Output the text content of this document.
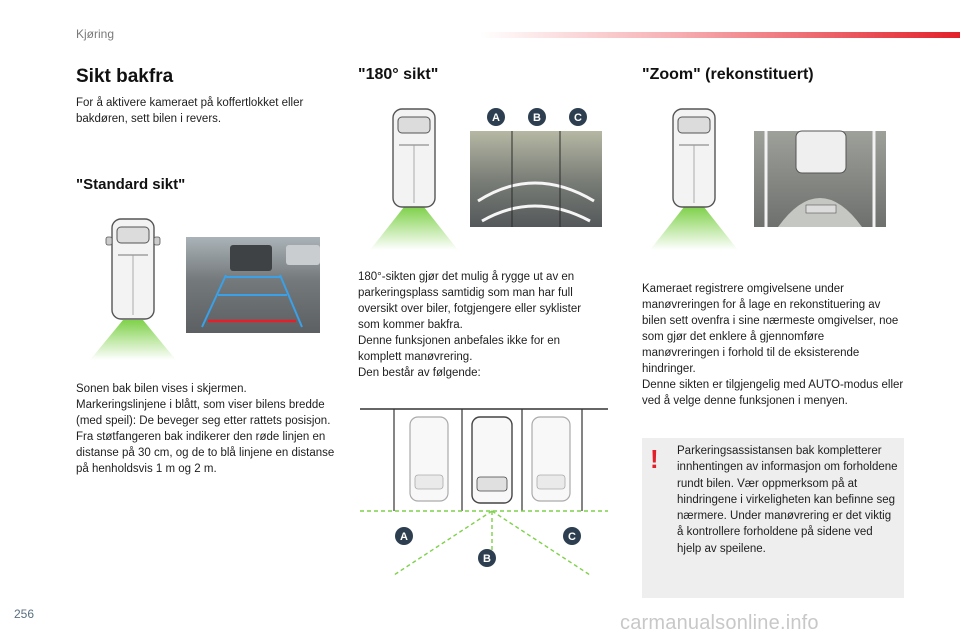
Kjøring
Sikt bakfra

For å aktivere kameraet på koffertlokket eller bakdøren, sett bilen i revers.

"Standard sikt"

Sonen bak bilen vises i skjermen.

Markeringslinjene i blått, som viser bilens bredde (med speil): De beveger seg etter rattets posisjon.

Fra støtfangeren bak indikerer den røde linjen en distanse på 30 cm, og de to blå linjene en distanse på henholdsvis 1 m og 2 m.

"180° sikt"
A	B	C

180°-sikten gjør det mulig å rygge ut av en parkeringsplass samtidig som man har full oversikt over biler, fotgjengere eller syklister som kommer bakfra.

Denne funksjonen anbefales ikke for en komplett manøvrering.

Den består av følgende:

A
B
C
"Zoom" (rekonstituert)

Kameraet registrere omgivelsene under manøvreringen for å lage en rekonstituering av bilen sett ovenfra i sine nærmeste omgivelser, noe som gjør det enklere å gjennomføre manøvreringen i forhold til de eksisterende hindringer.

Denne sikten er tilgjengelig med AUTO-modus eller ved å velge denne funksjonen i menyen.

! Parkeringsassistansen bak kompletterer innhentingen av informasjon om forholdene rundt bilen. Vær oppmerksom på at hindringene i virkeligheten kan befinne seg nærmere. Under manøvrering er det viktig å kontrollere forholdene på sidene ved hjelp av speilene.

256	carmanualsonline.info
